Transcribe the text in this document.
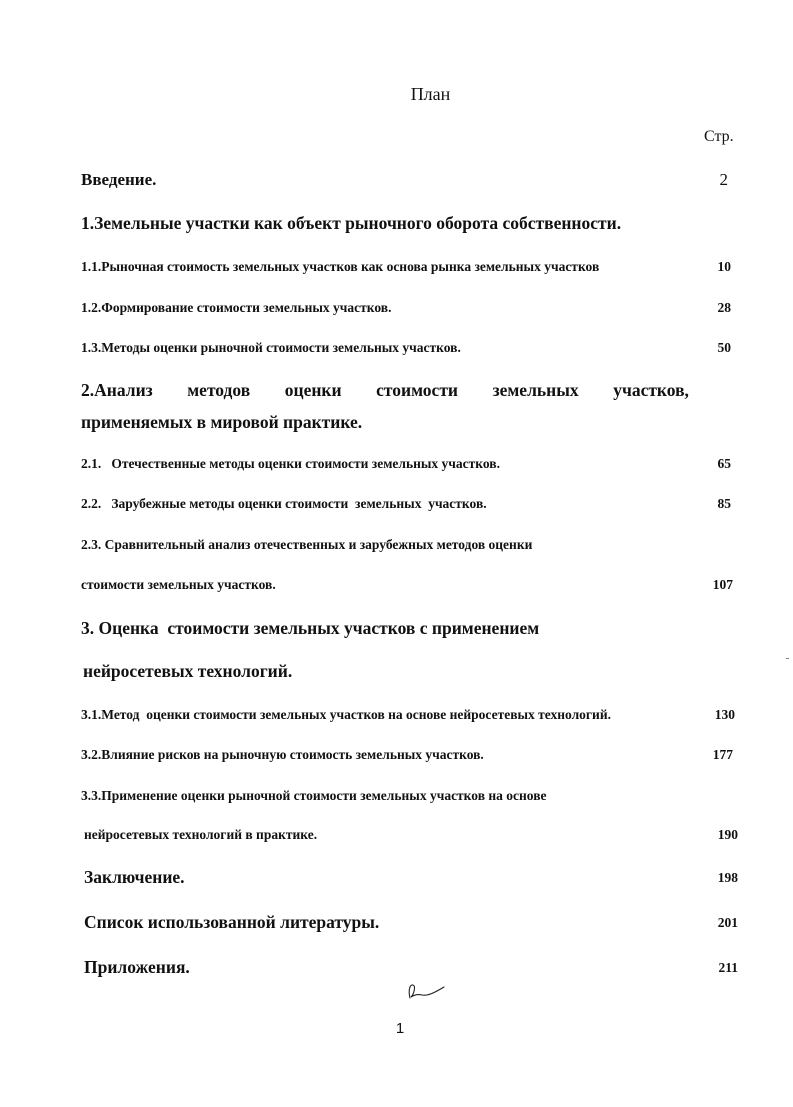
План
Стр.
Введение.	2
1.Земельные участки как объект рыночного оборота собственности.
1.1.Рыночная стоимость земельных участков как основа рынка земельных участков	10
1.2.Формирование стоимости земельных участков.	28
1.3.Методы оценки рыночной стоимости земельных участков.	50
2.Анализ методов оценки стоимости земельных участков,
применяемых в мировой практике.
2.1.   Отечественные методы оценки стоимости земельных участков.	65
2.2.   Зарубежные методы оценки стоимости  земельных  участков.	85
2.3. Сравнительный анализ отечественных и зарубежных методов оценки
стоимости земельных участков.	107
3. Оценка  стоимости земельных участков с применением
нейросетевых технологий.
3.1.Метод  оценки стоимости земельных участков на основе нейросетевых технологий.	130
3.2.Влияние рисков на рыночную стоимость земельных участков.	177
3.3.Применение оценки рыночной стоимости земельных участков на основе
нейросетевых технологий в практике.	190
Заключение.	198
Список использованной литературы.	201
Приложения.	211
1
